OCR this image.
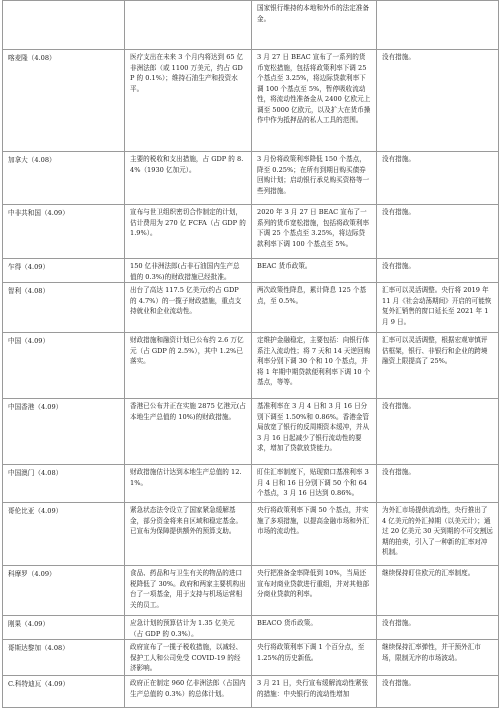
		国家银行维持的本地和外币的法定准备金。	
喀麦隆（4.08）	医疗支出在未来 3 个月内将达到 65 亿非洲法郎（或 1100 万美元，约占 GDP 的 0.1%）；维持石油生产和投资水平。	3 月 27 日 BEAC 宣布了一系列的货币宽松措施，包括将政策利率下调 25 个基点至 3.25%，将边际贷款利率下调 100 个基点至 5%，暂停吸收流动性，将流动性准备金从 2400 亿欧元上调至 5000 亿欧元，以及扩大在货币操作中作为抵押品的私人工具的范围。	没有措施。
加拿大（4.08）	主要的税收和支出措施，占 GDP 的 8.4%（1930 亿加元）。	3 月份将政策利率降低 150 个基点，降至 0.25%；在所有到期日购买债券回购计划；启动银行承兑购买资格等一些列措施。	没有措施。
中非共和国（4.09）	宣布与世卫组织密切合作制定的计划，估计费用为 270 亿 FCFA（占 GDP 的 1.9%）。	2020 年 3 月 27 日 BEAC 宣布了一系列的货币宽松措施，包括将政策利率下调 25 个基点至 3.25%，将边际贷款利率下调 100 个基点至 5%。	没有措施。
乍得（4.09）	150 亿非洲法郎(占非石油国内生产总值的 0.3%)的财政措施已经批准。	BEAC 货币政策。	没有措施。
智利（4.08）	出台了高达 117.5 亿美元(约占 GDP 的 4.7%）的一揽子财政措施，重点支持就业和企业流动性。	两次政策性降息，累计降息 125 个基点，至 0.5%。	汇率可以灵活调整。央行将 2019 年 11 月《社会动荡期间》开启的可能恢复外汇销售的窗口延长至 2021 年 1 月 9 日。
中国（4.09）	财政措施和融资计划已公布约 2.6 万亿元（占 GDP 的 2.5%），其中 1.2%已落实。	定维护金融稳定，主要包括：向银行体系注入流动性；将 7 天和 14 天逆回购利率分别下调 30 个和 10 个基点，并将 1 年期中期贷款便利利率下调 10 个基点，等等。	汇率可以灵活调整，根据宏观审慎评估框架，银行、非银行和企业的跨境融资上限提高了 25%。
中国香港（4.09）	香港已公布并正在实施 2875 亿港元(占本地生产总值的 10%)的财政措施。	基准利率在 3 月 4 日和 3 月 16 日分别下调至 1.50%和 0.86%。香港金管局放宽了银行的反周期资本缓冲，并从 3 月 16 日起减少了银行流动性的要求，增加了贷款放贷能力。	没有措施。
中国澳门（4.08）	财政措施估计达到本地生产总值的 12.1%。	盯住汇率制度下，贴现窗口基准利率 3 月 4 日和 16 日分别下调 50 个和 64 个基点，3 月 16 日达到 0.86%。	没有措施。
哥伦比亚（4.09）	紧急状态法令设立了国家紧急缓解基金，部分资金将来自区域和稳定基金。已宣布为保障提供额外的预算支助。	央行将政策利率下调 50 个基点，并实施了多项措施，以提高金融市场和外汇市场的流动性。	为外汇市场提供流动性，央行推出了 4 亿美元的外汇掉期（以美元计）；通过 20 亿美元 30 天到期的不可交割远期的拍卖，引入了一种新的汇率对冲机制。
科摩罗（4.09）	食品、药品和与卫生有关的物品的进口税降低了 30%。政府和两家主要机构出台了一项基金，用于支持与机场运营相关的员工。	央行把准备金率降低到 10%，当局还宣布对商业贷款进行重组，并对其他部分商业贷款的利率。	继续保持盯住欧元的汇率制度。
刚果（4.09）	应急计划的预算估计为 1.35 亿美元（占 GDP 的 0.3%）。	BEACO 货币政策。	没有措施。
哥斯达黎加（4.08）	政府宣布了一揽子税收措施，以减轻、保护工人和公司免受 COVID-19 的经济影响。	央行将政策利率下调 1 个百分点，至 1.25%的历史新低。	继续保持汇率弹性，并干预外汇市场，限制无序的市场波动。
C.科特迪瓦（4.09）	政府正在制定 960 亿非洲法郎（占国内生产总值的 0.3%）的总体计划。	3 月 21 日，央行宣布缓解流动性紧张的措施：中央银行的流动性增加	没有措施。
